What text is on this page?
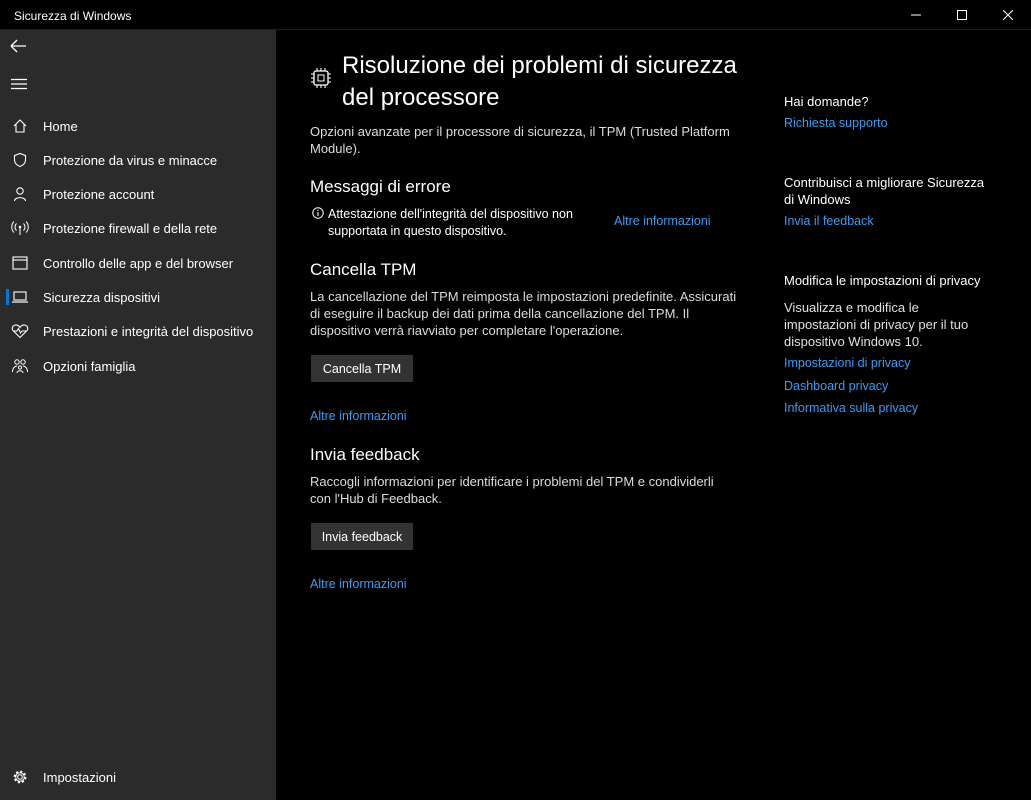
Sicurezza di Windows
Home
Protezione da virus e minacce
Protezione account
Protezione firewall e della rete
Controllo delle app e del browser
Sicurezza dispositivi
Prestazioni e integrità del dispositivo
Opzioni famiglia
Impostazioni
Risoluzione dei problemi di sicurezza del processore
Opzioni avanzate per il processore di sicurezza, il TPM (Trusted Platform Module).
Messaggi di errore
Attestazione dell'integrità del dispositivo non supportata in questo dispositivo.
Altre informazioni
Cancella TPM
La cancellazione del TPM reimposta le impostazioni predefinite. Assicurati di eseguire il backup dei dati prima della cancellazione del TPM. Il dispositivo verrà riavviato per completare l'operazione.
Cancella TPM
Altre informazioni
Invia feedback
Raccogli informazioni per identificare i problemi del TPM e condividerli con l'Hub di Feedback.
Invia feedback
Altre informazioni
Hai domande?
Richiesta supporto
Contribuisci a migliorare Sicurezza di Windows
Invia il feedback
Modifica le impostazioni di privacy
Visualizza e modifica le impostazioni di privacy per il tuo dispositivo Windows 10.
Impostazioni di privacy
Dashboard privacy
Informativa sulla privacy
